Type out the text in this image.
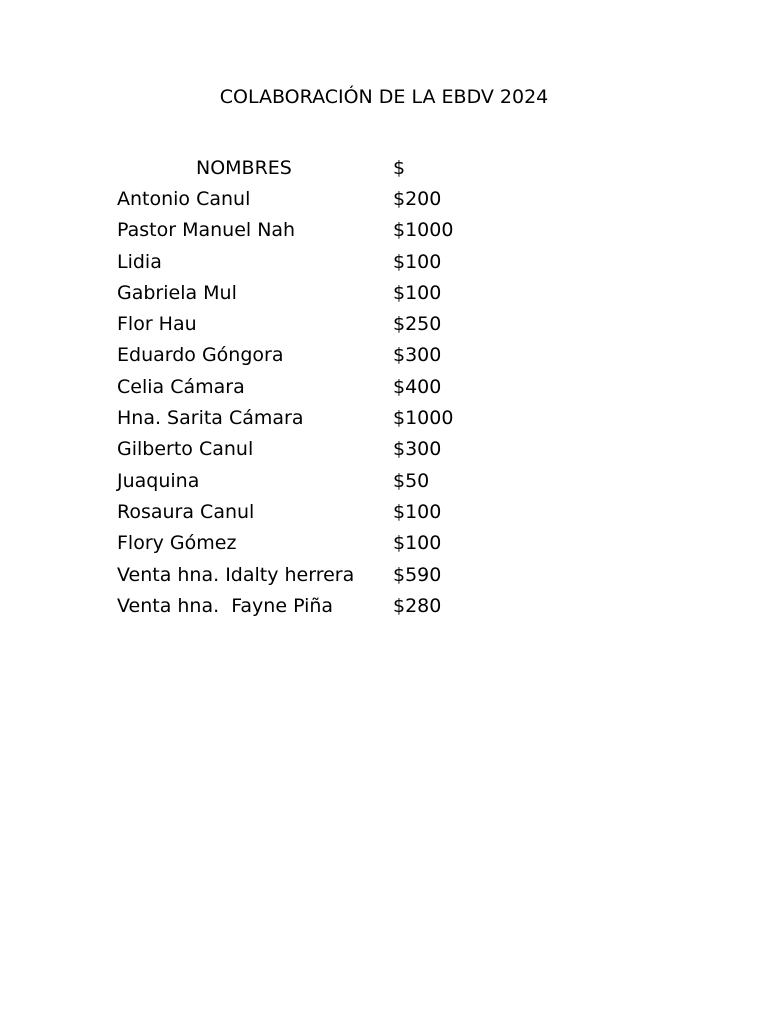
COLABORACIÓN DE LA EBDV 2024
NOMBRES	$
Antonio Canul	$200
Pastor Manuel Nah	$1000
Lidia	$100
Gabriela Mul	$100
Flor Hau	$250
Eduardo Góngora	$300
Celia Cámara	$400
Hna. Sarita Cámara	$1000
Gilberto Canul	$300
Juaquina	$50
Rosaura Canul	$100
Flory Gómez	$100
Venta hna. Idalty herrera	$590
Venta hna.  Fayne Piña	$280
